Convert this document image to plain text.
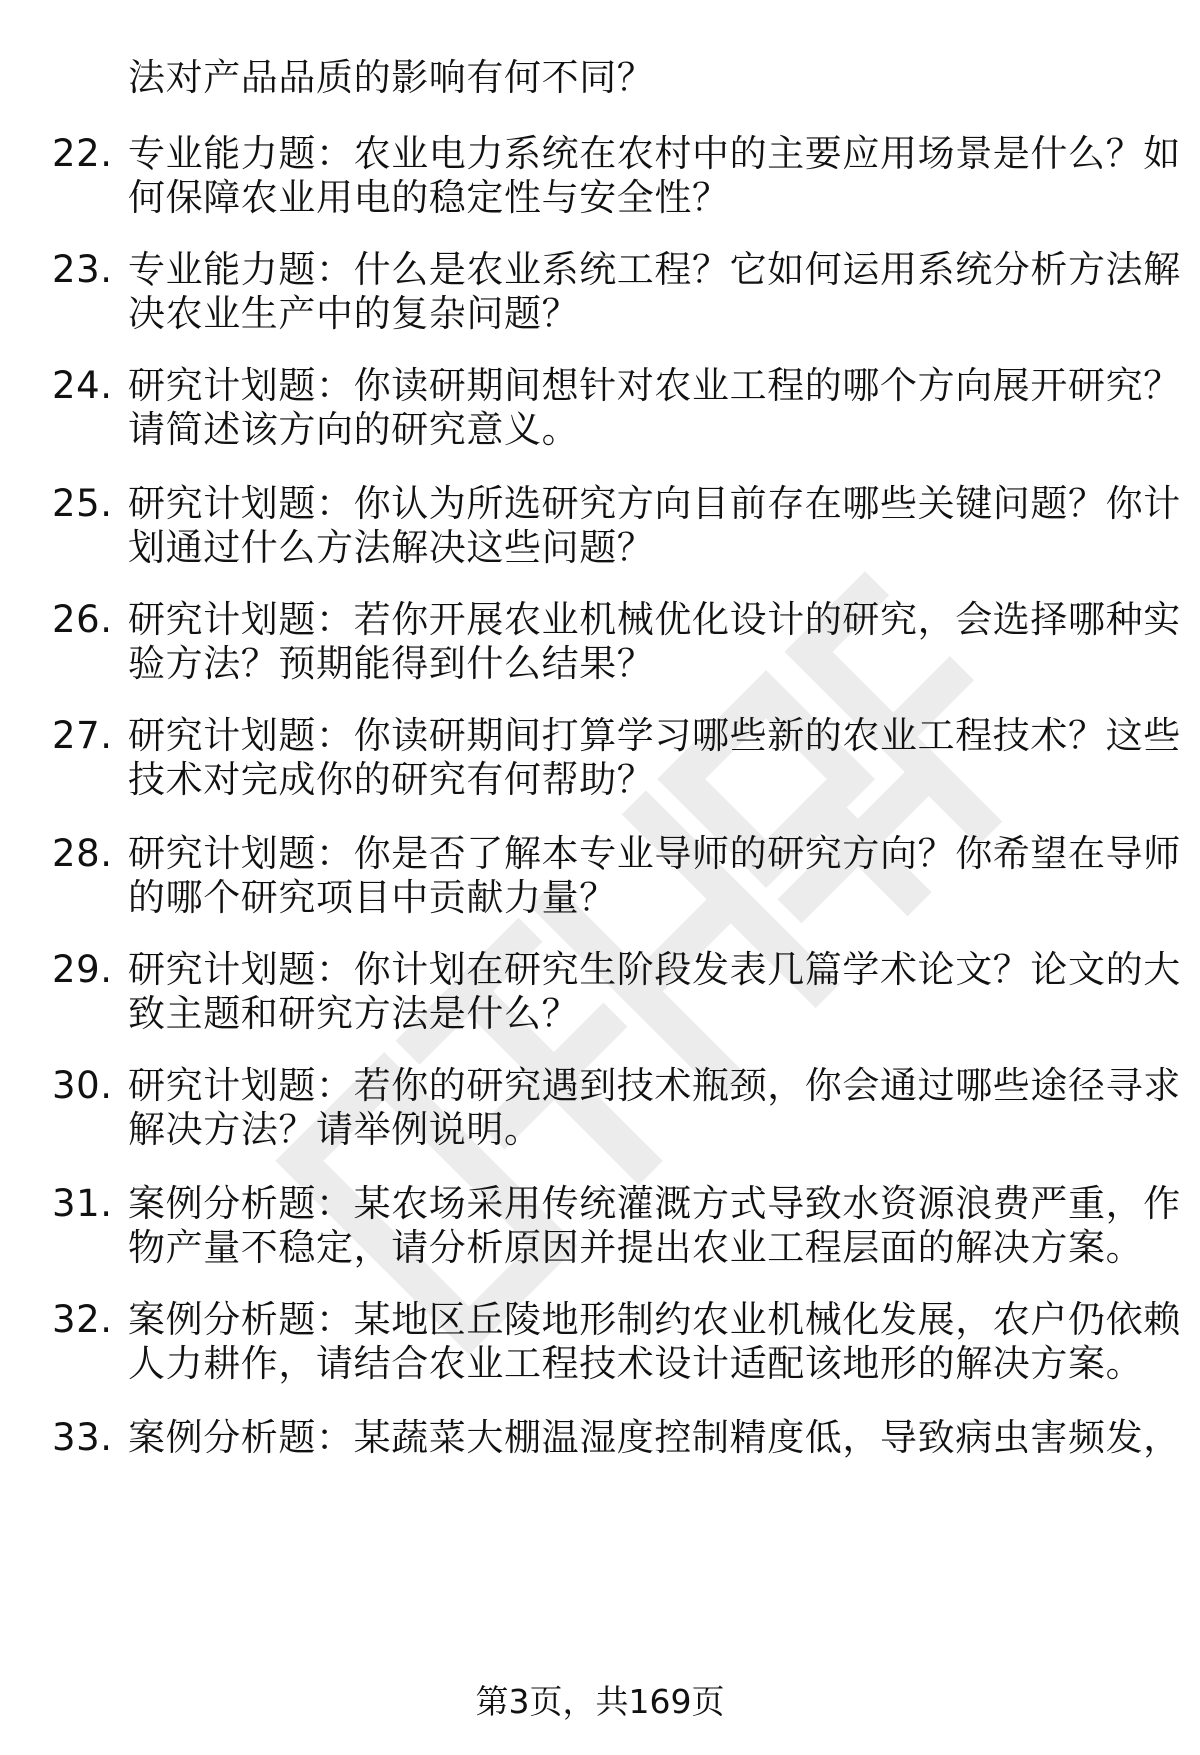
法对产品品质的影响有何不同？
22. 专业能力题：农业电力系统在农村中的主要应用场景是什么？如
何保障农业用电的稳定性与安全性？
23. 专业能力题：什么是农业系统工程？它如何运用系统分析方法解
决农业生产中的复杂问题？
24. 研究计划题：你读研期间想针对农业工程的哪个方向展开研究？
请简述该方向的研究意义。
25. 研究计划题：你认为所选研究方向目前存在哪些关键问题？你计
划通过什么方法解决这些问题？
26. 研究计划题：若你开展农业机械优化设计的研究，会选择哪种实
验方法？预期能得到什么结果？
27. 研究计划题：你读研期间打算学习哪些新的农业工程技术？这些
技术对完成你的研究有何帮助？
28. 研究计划题：你是否了解本专业导师的研究方向？你希望在导师
的哪个研究项目中贡献力量？
29. 研究计划题：你计划在研究生阶段发表几篇学术论文？论文的大
致主题和研究方法是什么？
30. 研究计划题：若你的研究遇到技术瓶颈，你会通过哪些途径寻求
解决方法？请举例说明。
31. 案例分析题：某农场采用传统灌溉方式导致水资源浪费严重，作
物产量不稳定，请分析原因并提出农业工程层面的解决方案。
32. 案例分析题：某地区丘陵地形制约农业机械化发展，农户仍依赖
人力耕作，请结合农业工程技术设计适配该地形的解决方案。
33. 案例分析题：某蔬菜大棚温湿度控制精度低，导致病虫害频发，
第3页，共169页
